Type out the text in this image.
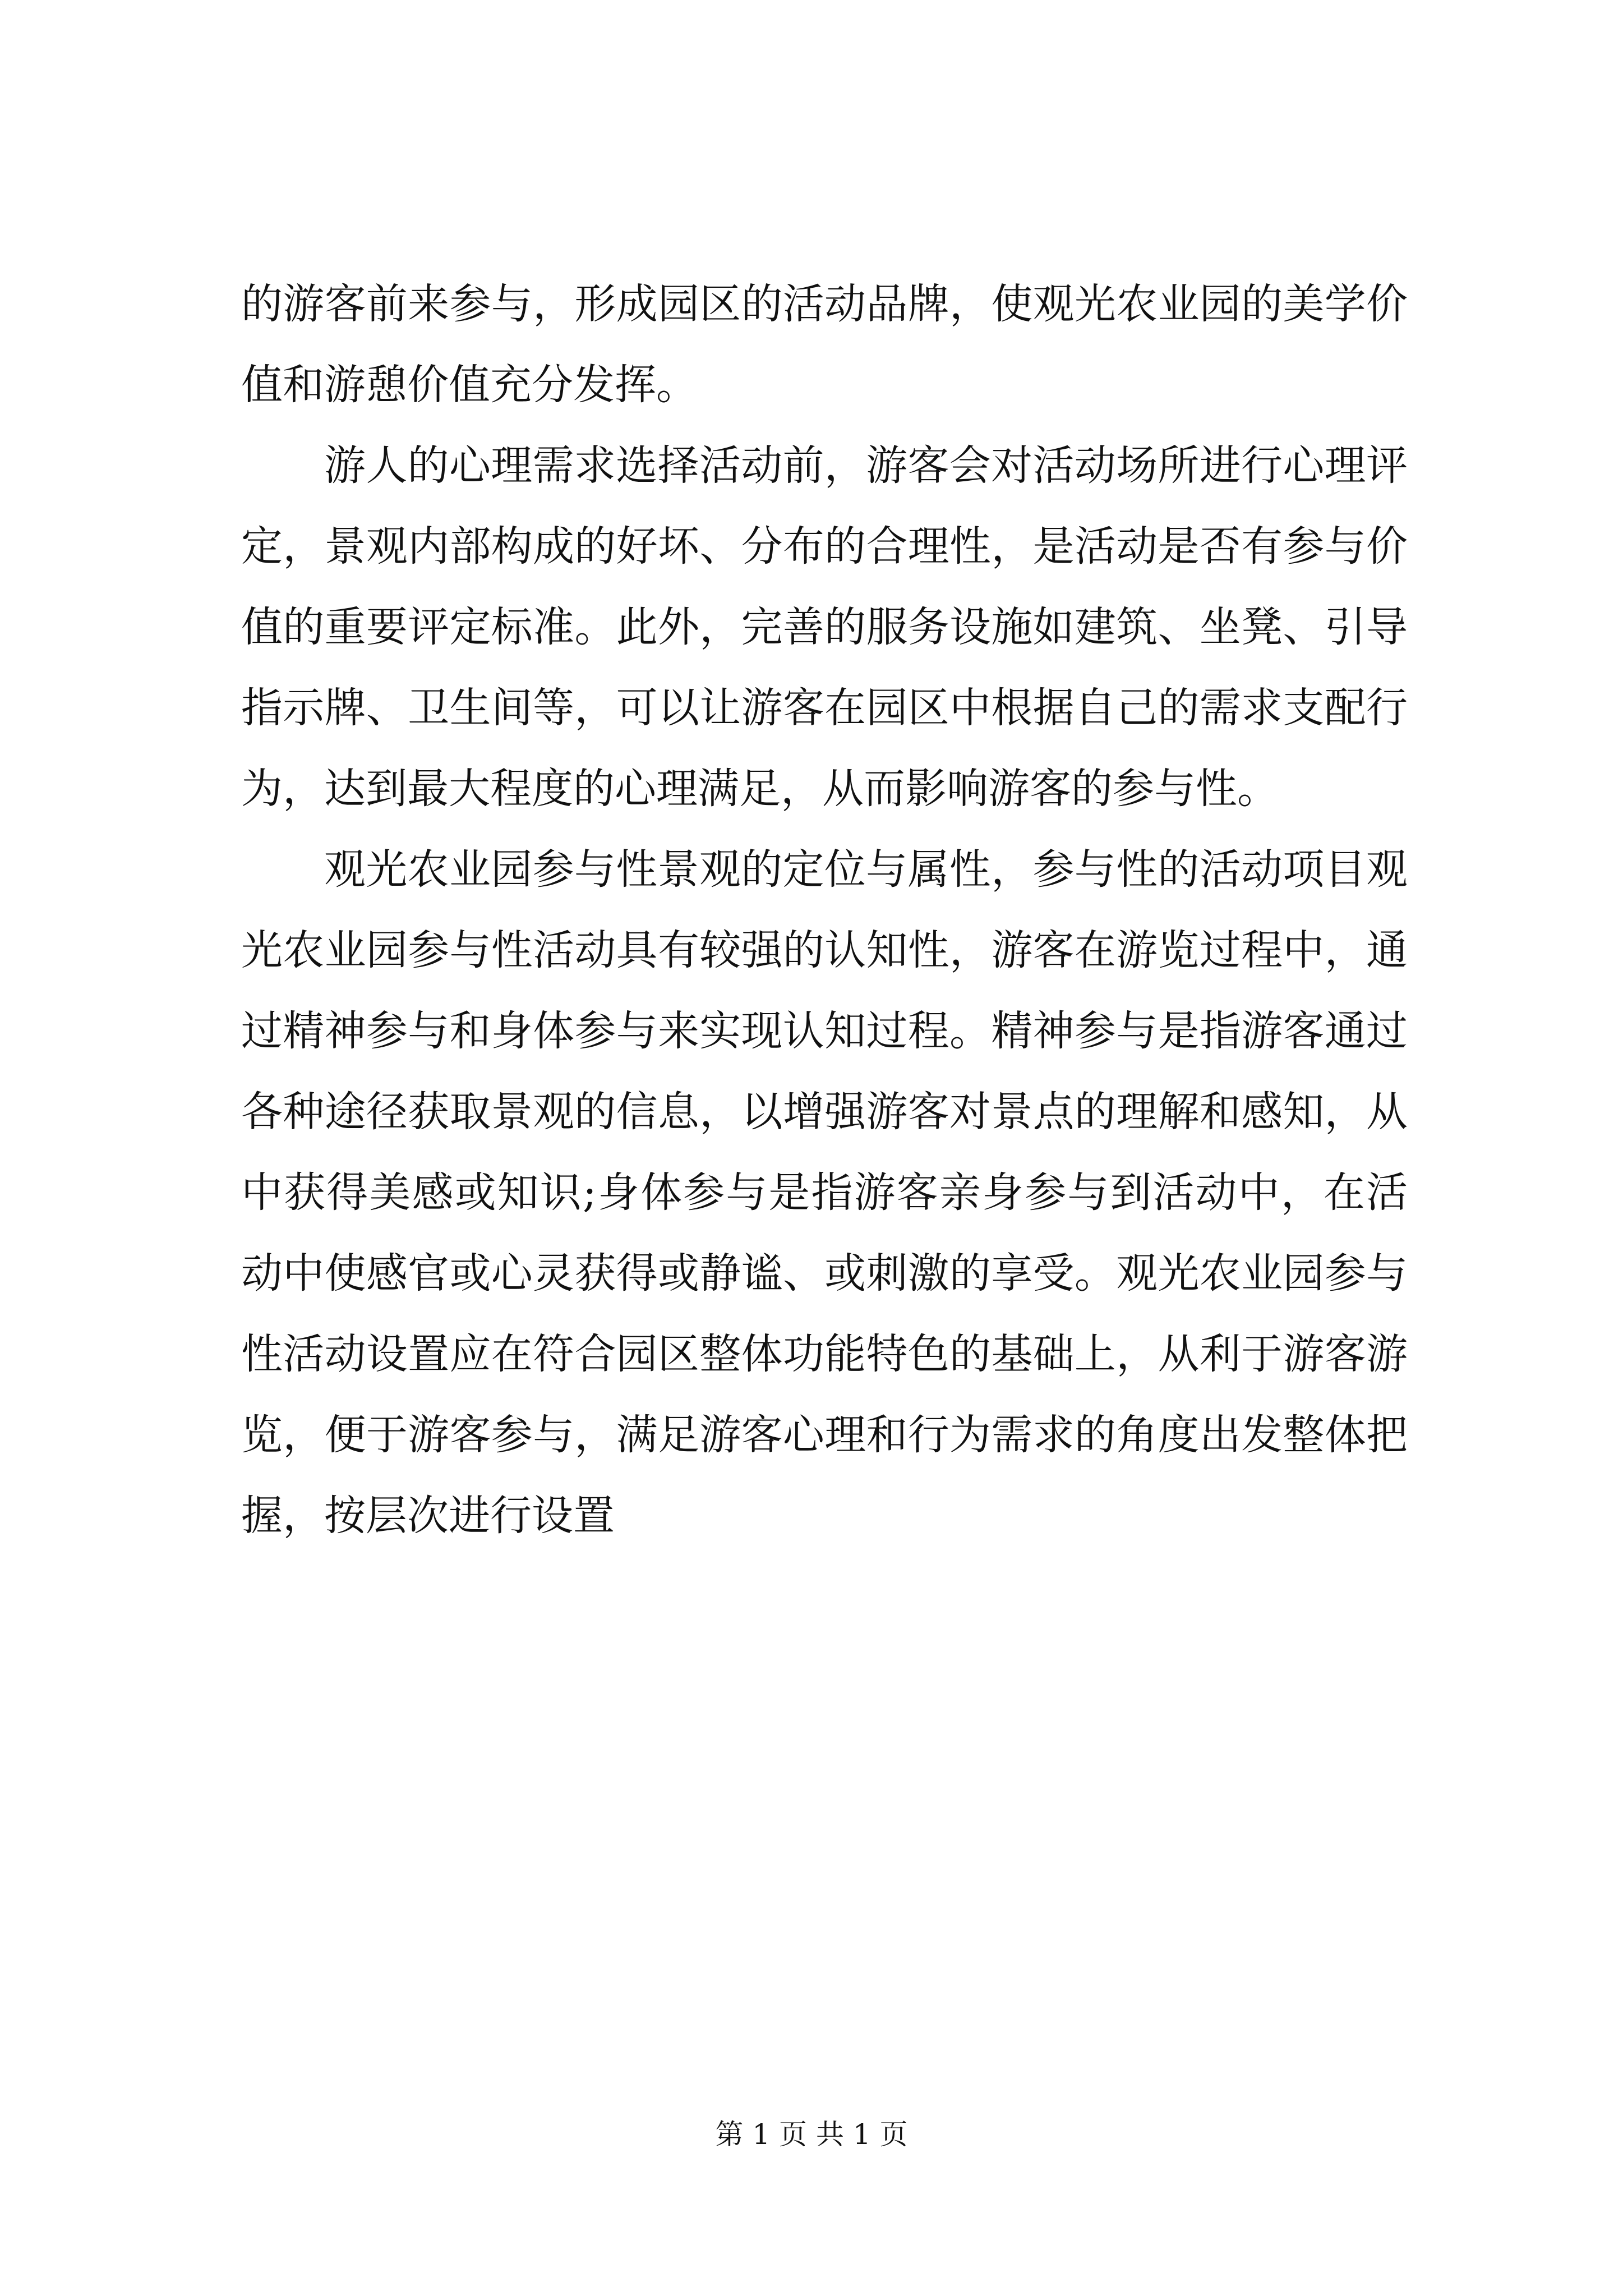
的游客前来参与，形成园区的活动品牌，使观光农业园的美学价值和游憩价值充分发挥。

游人的心理需求选择活动前，游客会对活动场所进行心理评定，景观内部构成的好坏、分布的合理性，是活动是否有参与价值的重要评定标准。此外，完善的服务设施如建筑、坐凳、引导指示牌、卫生间等，可以让游客在园区中根据自己的需求支配行为，达到最大程度的心理满足，从而影响游客的参与性。

观光农业园参与性景观的定位与属性，参与性的活动项目观光农业园参与性活动具有较强的认知性，游客在游览过程中，通过精神参与和身体参与来实现认知过程。精神参与是指游客通过各种途径获取景观的信息，以增强游客对景点的理解和感知，从中获得美感或知识;身体参与是指游客亲身参与到活动中，在活动中使感官或心灵获得或静谧、或刺激的享受。观光农业园参与性活动设置应在符合园区整体功能特色的基础上，从利于游客游览，便于游客参与，满足游客心理和行为需求的角度出发整体把握，按层次进行设置

第 1 页 共 1 页
